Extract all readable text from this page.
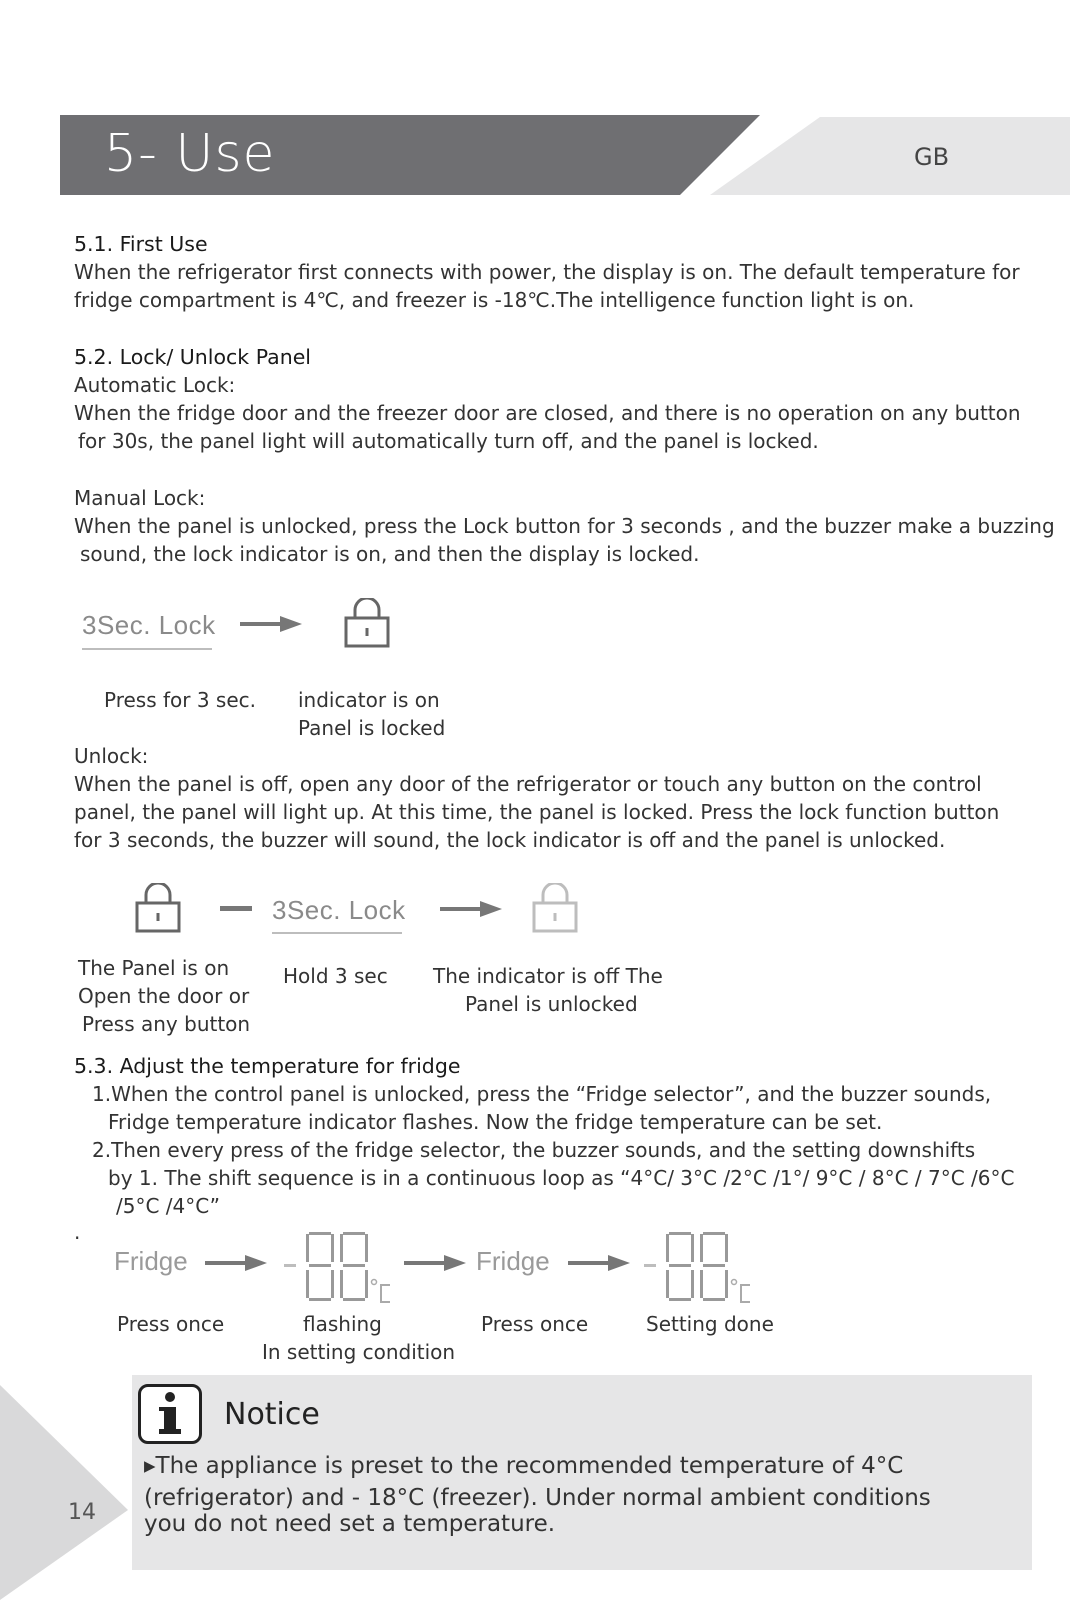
5- Use	GB
5.1. First Use
When the refrigerator first connects with power, the display is on. The default temperature for
fridge compartment is 4℃, and freezer is -18℃.The intelligence function light is on.
5.2. Lock/ Unlock Panel
Automatic Lock:
When the fridge door and the freezer door are closed, and there is no operation on any button
for 30s, the panel light will automatically turn off, and the panel is locked.
Manual Lock:
When the panel is unlocked, press the Lock button for 3 seconds , and the buzzer make a buzzing
sound, the lock indicator is on, and then the display is locked.
3Sec. Lock
Press for 3 sec. indicator is on
Panel is locked
Unlock:
When the panel is off, open any door of the refrigerator or touch any button on the control
panel, the panel will light up. At this time, the panel is locked. Press the lock function button
for 3 seconds, the buzzer will sound, the lock indicator is off and the panel is unlocked.
3Sec. Lock
The Panel is on
Open the door or
Press any button
Hold 3 sec The indicator is off The
Panel is unlocked
5.3. Adjust the temperature for fridge
1.When the control panel is unlocked, press the “Fridge selector”, and the buzzer sounds,
Fridge temperature indicator flashes. Now the fridge temperature can be set.
2.Then every press of the fridge selector, the buzzer sounds, and the setting downshifts
by 1. The shift sequence is in a continuous loop as “4°C/ 3°C /2°C /1°/ 9°C / 8°C / 7°C /6°C
/5°C /4°C”
.
Fridge	Fridge
Press once	flashing
In setting condition
Press once	Setting done
Notice
▸The appliance is preset to the recommended temperature of 4°C
(refrigerator) and - 18°C (freezer). Under normal ambient conditions
you do not need set a temperature.
14
